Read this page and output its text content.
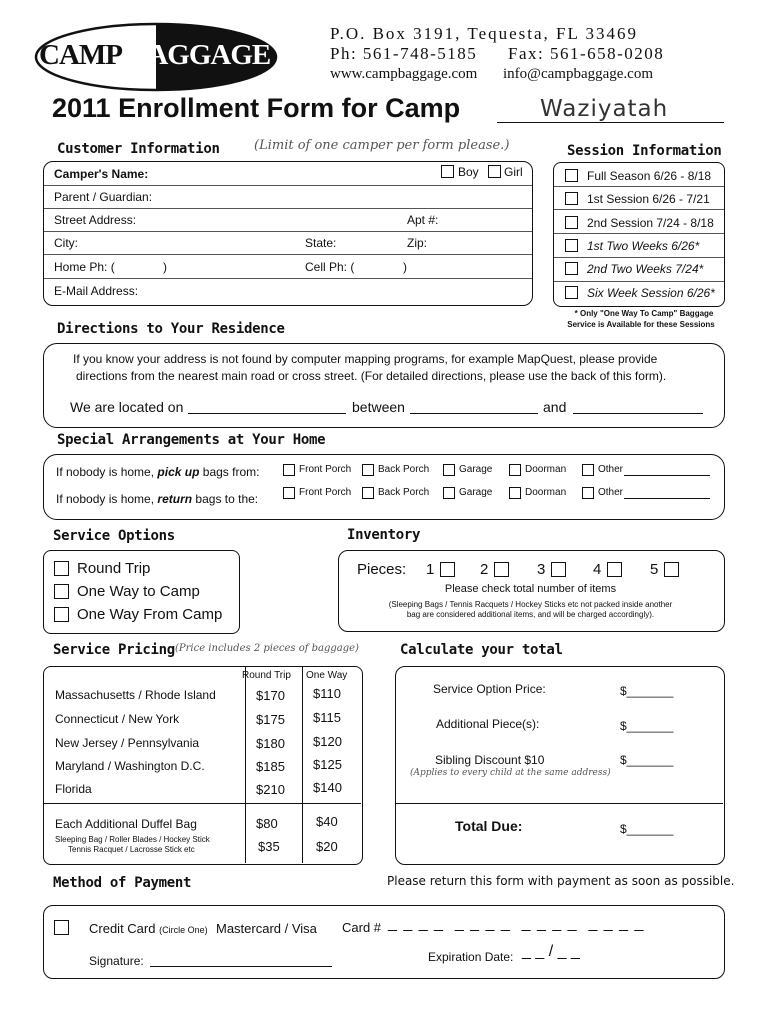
CAMP BAGGAGE
P.O. Box 3191, Tequesta, FL 33469
Ph: 561-748-5185 Fax: 561-658-0208
www.campbaggage.com info@campbaggage.com
2011 Enrollment Form for Camp	Waziyatah
Customer Information	(Limit of one camper per form please.)
Camper's Name:	Boy Girl
Parent / Guardian:
Street Address:	Apt #:
City:	State:	Zip:
Home Ph: (	)	Cell Ph: (	)
E-Mail Address:
Session Information
* Only "One Way To Camp" Baggage
Service is Available for these Sessions
Directions to Your Residence
If you know your address is not found by computer mapping programs, for example MapQuest, please provide
directions from the nearest main road or cross street. (For detailed directions, please use the back of this form).
We are located on	between	and
Special Arrangements at Your Home
If nobody is home, pick up bags from:
If nobody is home, return bags to the:
Service Options	Inventory
Pieces:
Please check total number of items
(Sleeping Bags / Tennis Racquets / Hockey Sticks etc not packed inside another
bag are considered additional items, and will be charged accordingly).
Service Pricing (Price includes 2 pieces of baggage)
Round Trip One Way
Each Additional Duffel Bag	$80	$40
Sleeping Bag / Roller Blades / Hockey Stick
Tennis Racquet / Lacrosse Stick etc	$35	$20
Calculate your total
Service Option Price:	$_______
Additional Piece(s):	$_______
Sibling Discount $10	$_______
(Applies to every child at the same address)
Total Due:	$_______
Method of Payment	Please return this form with payment as soon as possible.
Credit Card (Circle One) Mastercard / Visa Card # _ _ _ _  _ _ _ _  _ _ _ _  _ _ _ _
Signature:	Expiration Date: _ _ / _ _
Full Season 6/26 - 8/18
1st Session 6/26 - 7/21
2nd Session 7/24 - 8/18
1st Two Weeks 6/26*
2nd Two Weeks 7/24*
Six Week Session 6/26*
Front Porch	Back Porch	Garage	Doorman	Other
Front Porch	Back Porch	Garage	Doorman	Other
Round Trip
One Way to Camp
One Way From Camp
1	2	3	4	5
Massachusetts / Rhode Island	$170 $110
Connecticut / New York	$175 $115
New Jersey / Pennsylvania	$180 $120
Maryland / Washington D.C.	$185 $125
Florida	$210 $140
